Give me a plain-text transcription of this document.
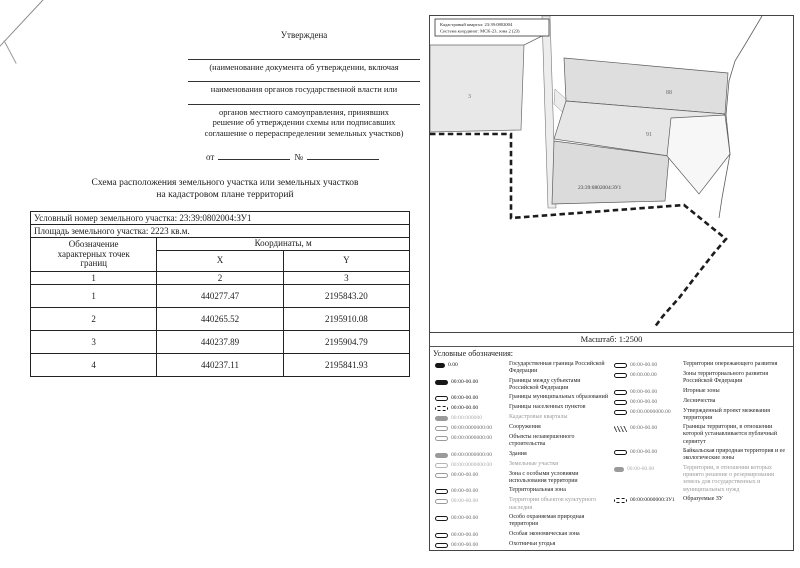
Утверждена
(наименование документа об утверждении, включая
наименования органов государственной власти или
органов местного самоуправления, принявших
решение об утверждении схемы или подписавших
соглашение о перераспределении земельных участков)
от	№
Схема расположения земельного участка или земельных участков
на кадастровом плане территорий
Условный номер земельного участка: 23:39:0802004:ЗУ1		
Площадь земельного участка: 2223 кв.м.		

Обозначение
характерных точек
границ	Координаты, м	
	X	Y
1	2	3
1	440277.47	2195843.20
2	440265.52	2195910.08
3	440237.89	2195904.79
4	440237.11	2195841.93
3
88
91
23:39:0802004:ЗУ1
Кадастровый квартал: 23:39:0802004
Система координат: МСК-23, зона 2 (23)
Масштаб: 1:2500
Условные обозначения:
0.00	Государственная граница Российской Федерации
00:00-00.00	Границы между субъектами Российской Федерации
00:00-00.00	Границы муниципальных образований
00:00-00.00	Границы населенных пунктов
00:00:000000	Кадастровые кварталы
00:00:0000000:00	Сооружения
00:00:0000000:00	Объекты незавершенного строительства
00:00:0000000:00	Здания
00:00:0000000:00	Земельные участки
00:00-00.00	Зона с особыми условиями использования территории
00:00-00.00	Территориальная зона
00:00-00.00	Территории объектов культурного наследия
00:00-00.00	Особо охраняемая природная территория
00:00-00.00	Особая экономическая зона
00:00-00.00	Охотничьи угодья
00:00-00.00	Территории опережающего развития
00:00.00.00	Зоны территориального развития Российской Федерации
00:00-00.00	Игорные зоны
00:00-00.00	Лесничества
00:00.0000000.00 Утвержденный проект межевания территории
00:00-00.00	Границы территории, в отношении которой устанавливается публичный сервитут
00:00-00.00	Байкальская природная территория и ее экологические зоны
00:00-00.00	Территории, в отношении которых принято решение о резервировании земель для государственных и муниципальных нужд
00:00:0000000:ЗУ1 Образуемые ЗУ
